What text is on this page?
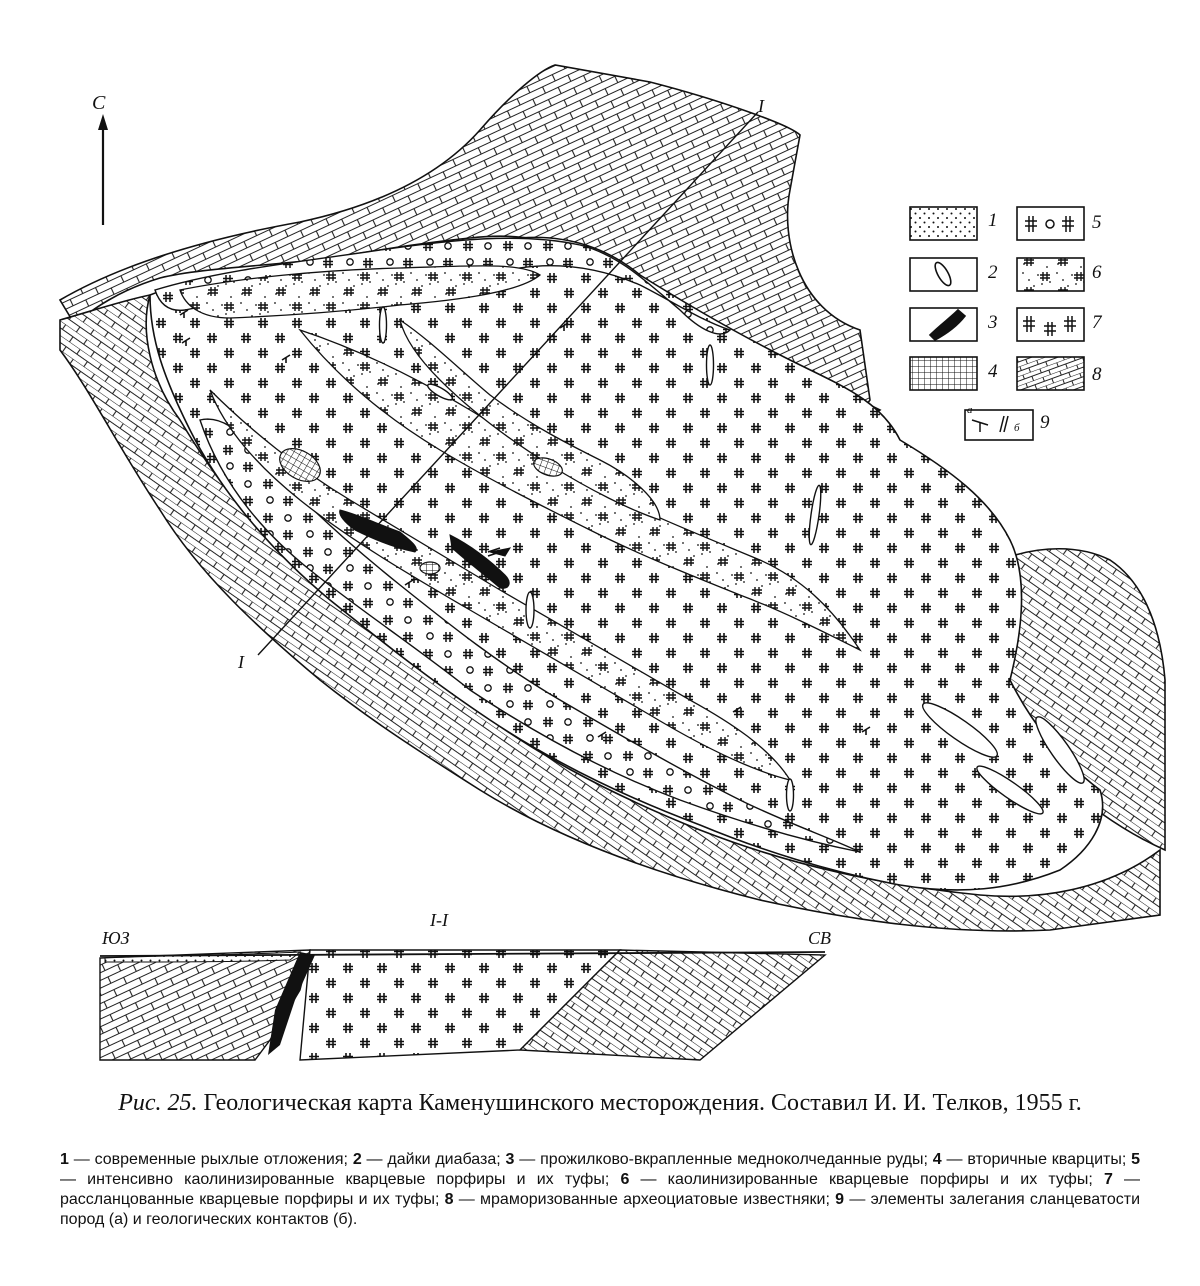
С	I
I
I-I
ЮЗ	СВ
1
2
3
4
5
6
7
8
9
а
б
Рис. 25. Геологическая карта Каменушинского месторождения. Составил И. И. Телков, 1955 г.
1 — современные рыхлые отложения; 2 — дайки диабаза; 3 — прожилково-вкрапленные медноколчеданные руды; 4 — вторичные кварциты; 5 — интенсивно каолинизированные кварцевые порфиры и их туфы; 6 — каолинизированные кварцевые порфиры и их туфы; 7 — рассланцованные кварцевые порфиры и их туфы; 8 — мраморизованные археоциатовые известняки; 9 — элементы залегания сланцеватости пород (а) и геологических контактов (б).
